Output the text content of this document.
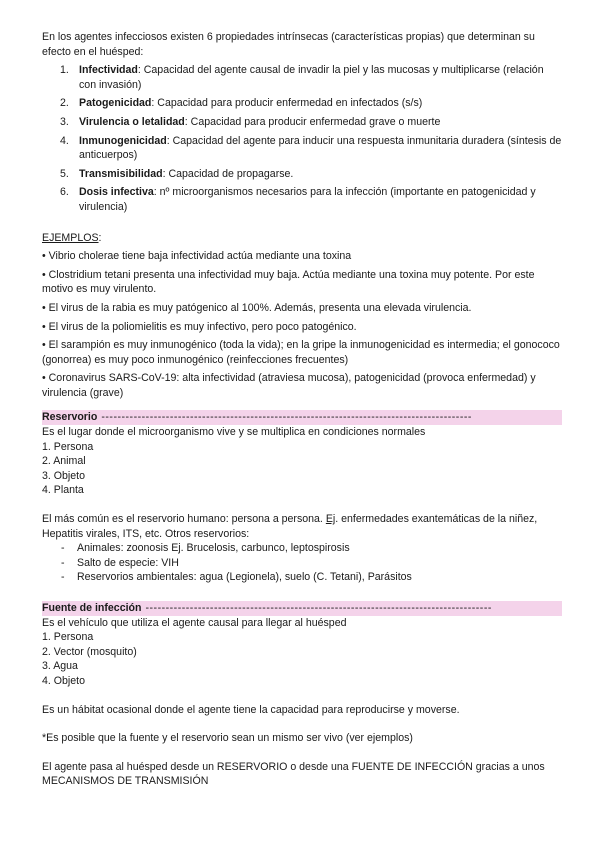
En los agentes infecciosos existen 6 propiedades intrínsecas (características propias) que determinan su efecto en el huésped:

1. Infectividad: Capacidad del agente causal de invadir la piel y las mucosas y multiplicarse (relación con invasión)
2. Patogenicidad: Capacidad para producir enfermedad en infectados (s/s)
3. Virulencia o letalidad: Capacidad para producir enfermedad grave o muerte
4. Inmunogenicidad: Capacidad del agente para inducir una respuesta inmunitaria duradera (síntesis de anticuerpos)
5. Transmisibilidad: Capacidad de propagarse.
6. Dosis infectiva: nº microorganismos necesarios para la infección (importante en patogenicidad y virulencia)

EJEMPLOS:

• Vibrio cholerae tiene baja infectividad actúa mediante una toxina

• Clostridium tetani presenta una infectividad muy baja. Actúa mediante una toxina muy potente. Por este motivo es muy virulento.

• El virus de la rabia es muy patógenico al 100%. Además, presenta una elevada virulencia.

• El virus de la poliomielitis es muy infectivo, pero poco patogénico.

• El sarampión es muy inmunogénico (toda la vida); en la gripe la inmunogenicidad es intermedia; el gonococo (gonorrea) es muy poco inmunogénico (reinfecciones frecuentes)

• Coronavirus SARS-CoV-19: alta infectividad (atraviesa mucosa), patogenicidad (provoca enfermedad) y virulencia (grave)

Reservorio --------------------------------------------------------------------------------------------

Es el lugar donde el microorganismo vive y se multiplica en condiciones normales

1. Persona

2. Animal

3. Objeto

4. Planta

El más común es el reservorio humano: persona a persona. Ej. enfermedades exantemáticas de la niñez, Hepatitis virales, ITS, etc. Otros reservorios:

- Animales: zoonosis Ej. Brucelosis, carbunco, leptospirosis
- Salto de especie: VIH
- Reservorios ambientales: agua (Legionela), suelo (C. Tetani), Parásitos
Fuente de infección --------------------------------------------------------------------------------------

Es el vehículo que utiliza el agente causal para llegar al huésped

1. Persona

2. Vector (mosquito)

3. Agua

4. Objeto

Es un hábitat ocasional donde el agente tiene la capacidad para reproducirse y moverse.

*Es posible que la fuente y el reservorio sean un mismo ser vivo (ver ejemplos)

El agente pasa al huésped desde un RESERVORIO o desde una FUENTE DE INFECCIÓN gracias a unos MECANISMOS DE TRANSMISIÓN
